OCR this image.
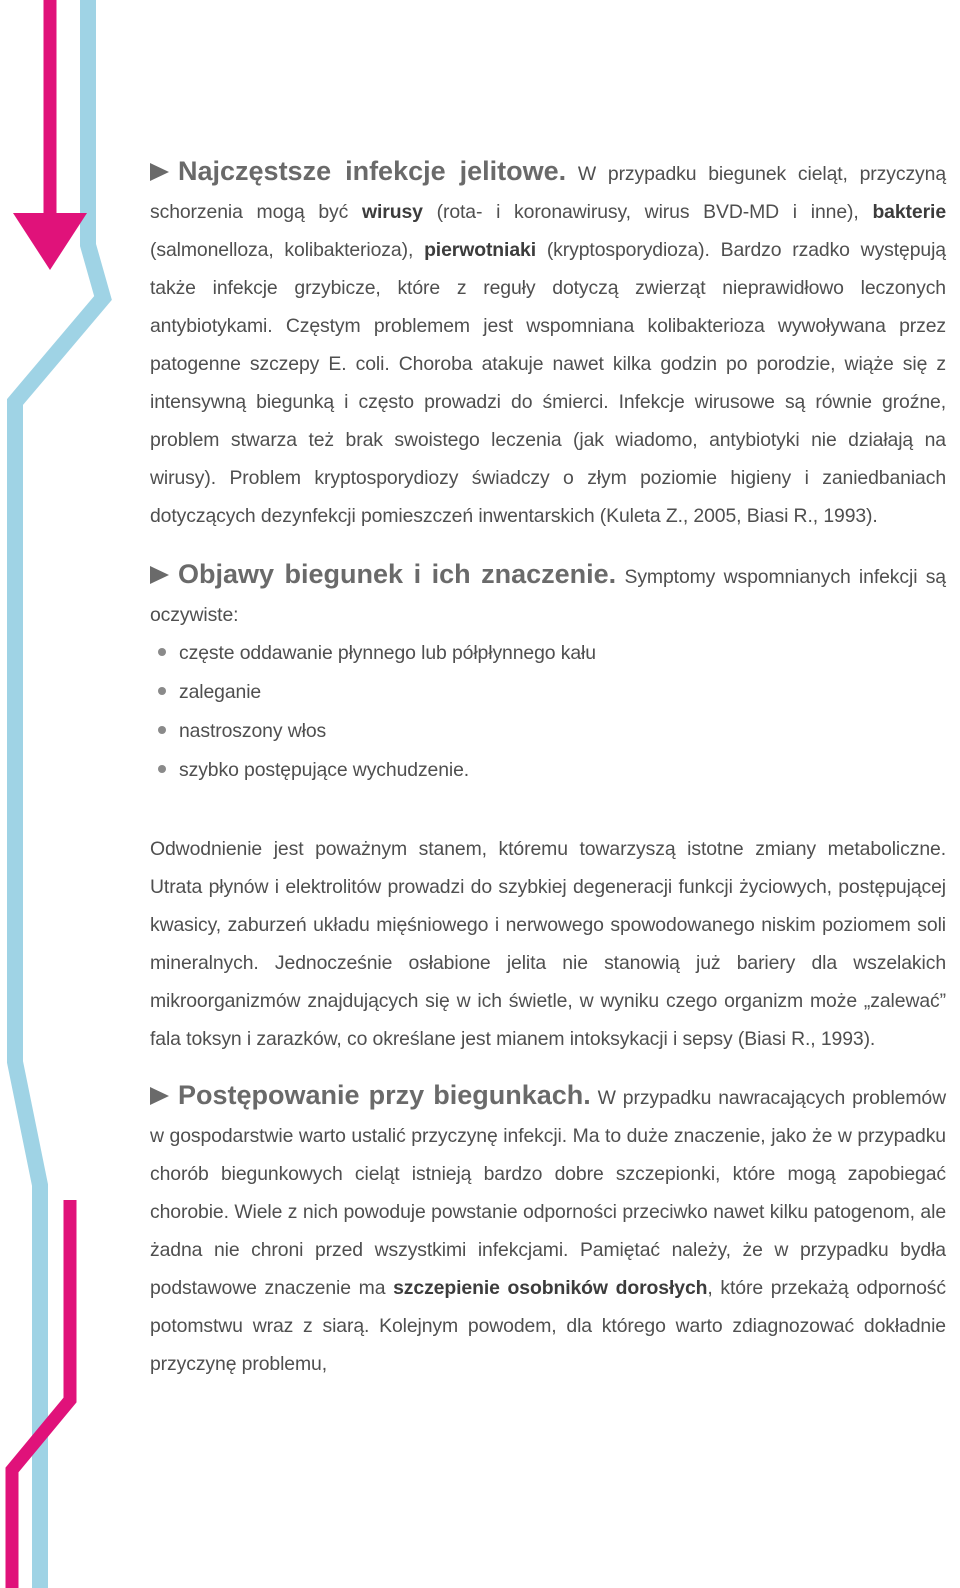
Najczęstsze infekcje jelitowe. W przypadku biegunek cieląt, przyczyną schorzenia mogą być wirusy (rota- i koronawirusy, wirus BVD-MD i inne), bakterie (salmonelloza, kolibakterioza), pierwotniaki (kryptosporydioza). Bardzo rzadko występują także infekcje grzybicze, które z reguły dotyczą zwierząt nieprawidłowo leczonych antybiotykami. Częstym problemem jest wspomniana kolibakterioza wywoływana przez patogenne szczepy E. coli. Choroba atakuje nawet kilka godzin po porodzie, wiąże się z intensywną biegunką i często prowadzi do śmierci. Infekcje wirusowe są równie groźne, problem stwarza też brak swoistego leczenia (jak wiadomo, antybiotyki nie działają na wirusy). Problem kryptosporydiozy świadczy o złym poziomie higieny i zaniedbaniach dotyczących dezynfekcji pomieszczeń inwentarskich (Kuleta Z., 2005, Biasi R., 1993).

Objawy biegunek i ich znaczenie. Symptomy wspomnianych infekcji są oczywiste:

częste oddawanie płynnego lub półpłynnego kału
zaleganie
nastroszony włos
szybko postępujące wychudzenie.

Odwodnienie jest poważnym stanem, któremu towarzyszą istotne zmiany metaboliczne. Utrata płynów i elektrolitów prowadzi do szybkiej degeneracji funkcji życiowych, postępującej kwasicy, zaburzeń układu mięśniowego i nerwowego spowodowanego niskim poziomem soli mineralnych. Jednocześnie osłabione jelita nie stanowią już bariery dla wszelakich mikroorganizmów znajdujących się w ich świetle, w wyniku czego organizm może „zalewać” fala toksyn i zarazków, co określane jest mianem intoksykacji i sepsy (Biasi R., 1993).

Postępowanie przy biegunkach. W przypadku nawracających problemów w gospodarstwie warto ustalić przyczynę infekcji. Ma to duże znaczenie, jako że w przypadku chorób biegunkowych cieląt istnieją bardzo dobre szczepionki, które mogą zapobiegać chorobie. Wiele z nich powoduje powstanie odporności przeciwko nawet kilku patogenom, ale żadna nie chroni przed wszystkimi infekcjami. Pamiętać należy, że w przypadku bydła podstawowe znaczenie ma szczepienie osobników dorosłych, które przekażą odporność potomstwu wraz z siarą. Kolejnym powodem, dla którego warto zdiagnozować dokładnie przyczynę problemu,
